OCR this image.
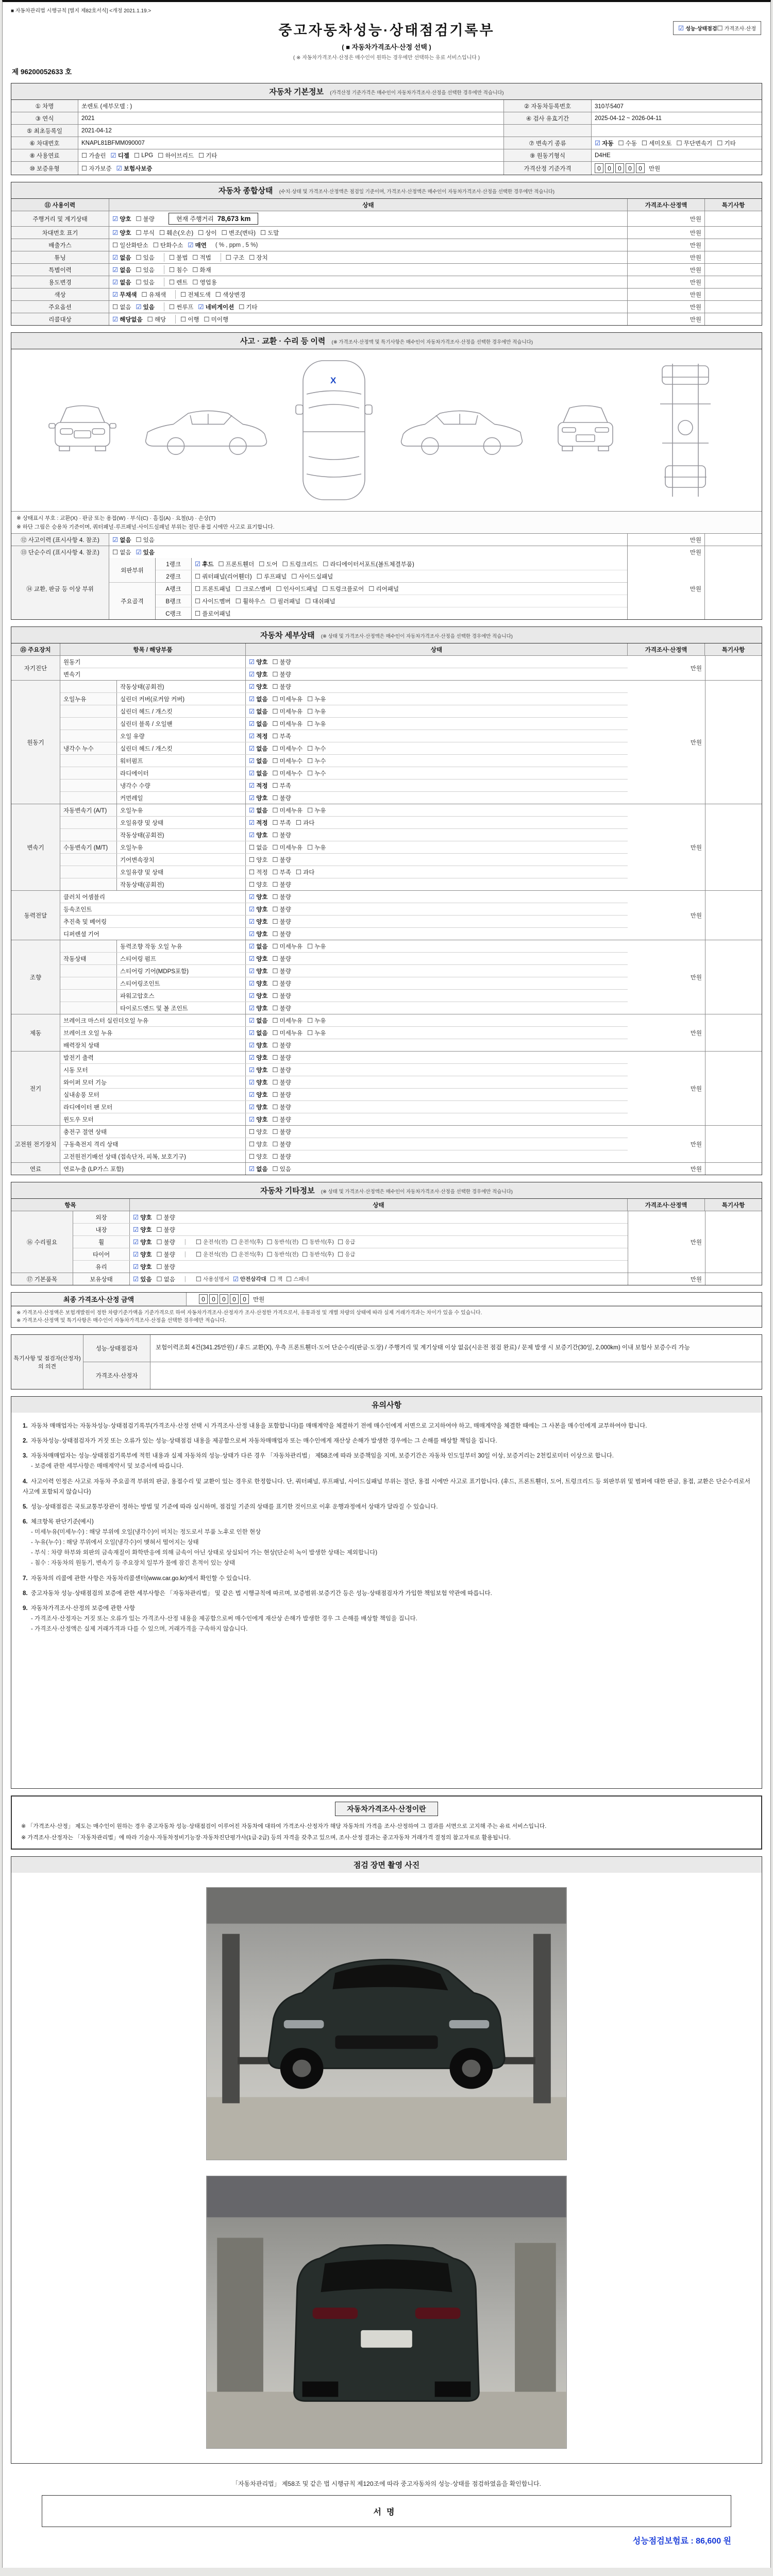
■ 자동차관리법 시행규칙 [별지 제82호서식] <개정 2021.1.19.>
중고자동차성능·상태점검기록부
( ■ 자동차가격조사·산정 선택 )
( ※ 자동차가격조사·산정은 매수인이 원하는 경우에만 선택하는 유료 서비스입니다 )
☑ 성능·상태점검 ☐ 가격조사·산정
제 96200052633 호
자동차 기본정보 (가격산정 기준가격은 매수인이 자동차가격조사·산정을 선택한 경우에만 적습니다)
① 차명	쏘렌토 (세부모델 : )	② 자동차등록번호	310부5407
③ 연식	2021	④ 검사 유효기간	2025-04-12 ~ 2026-04-11
⑤ 최초등록일	2021-04-12
⑥ 차대번호	KNAPL81BFMM090007	⑦ 변속기 종류	☑ 자동 ☐ 수동 ☐ 세미오토 ☐ 무단변속기 ☐ 기타
⑧ 사용연료	☐ 가솔린 ☑ 디젤 ☐ LPG ☐ 하이브리드 ☐ 기타	⑨ 원동기형식	D4HE
⑩ 보증유형	☐ 자가보증 ☑ 보험사보증	가격산정 기준가격	0 0 0 0 0	만원
자동차 종합상태 (수치·상태 및 가격조사·산정액은 점검일 기준이며, 가격조사·산정액은 매수인이 자동차가격조사·산정을 선택한 경우에만 적습니다)
⑪ 사용이력	상태	가격조사·산정액	특기사항
주행거리 및 계기상태	☑ 양호 ☐ 불량	현재 주행거리 78,673 km	만원
차대번호 표기	☑ 양호 ☐ 부식 ☐ 훼손(오손) ☐ 상이 ☐ 변조(변타) ☐ 도말	만원
배출가스	☐ 일산화탄소 ☐ 탄화수소 ☑ 매연 ( % , ppm , 5 %)	만원
튜닝	☑ 없음 ☐ 있음 ☐ 불법 ☐ 적법 ☐ 구조 ☐ 장치	만원
특별이력	☑ 없음 ☐ 있음 ☐ 침수 ☐ 화재	만원
용도변경	☑ 없음 ☐ 있음 ☐ 렌트 ☐ 영업용	만원
색상	☑ 무채색 ☐ 유채색 ☐ 전체도색 ☐ 색상변경	만원
주요옵션	☐ 없음 ☑ 있음 ☐ 썬루프 ☑ 네비게이션 ☐ 기타	만원
리콜대상	☑ 해당없음 ☐ 해당 ☐ 이행 ☐ 미이행	만원
사고 · 교환 · 수리 등 이력 (※ 가격조사·산정액 및 특기사항은 매수인이 자동차가격조사·산정을 선택한 경우에만 적습니다)
X
※ 상태표시 부호 : 교환(X) · 판금 또는 용접(W) · 부식(C) · 흠집(A) · 요철(U) · 손상(T)
※ 하단 그림은 승용차 기준이며, 쿼터패널·루프패널·사이드실패널 부위는 절단·용접 시에만 사고로 표기합니다.
⑫ 사고이력 (표시사항 4. 참조)	☑ 없음 ☐ 있음	만원
⑬ 단순수리 (표시사항 4. 참조)	☐ 없음 ☑ 있음	만원
⑭ 교환, 판금 등 이상 부위
외판부위
1랭크	☑ 후드 ☐ 프론트휀더 ☐ 도어 ☐ 트렁크리드 ☐ 라디에이터서포트(볼트체결부품)
2랭크	☐ 쿼터패널(리어휀더) ☐ 루프패널 ☐ 사이드실패널
주요골격
A랭크	☐ 프론트패널 ☐ 크로스멤버 ☐ 인사이드패널 ☐ 트렁크플로어 ☐ 리어패널
B랭크	☐ 사이드멤버 ☐ 휠하우스 ☐ 필러패널 ☐ 대쉬패널
C랭크	☐ 플로어패널
만원
자동차 세부상태 (※ 상태 및 가격조사·산정액은 매수인이 자동차가격조사·산정을 선택한 경우에만 적습니다)
⑮ 주요장치	항목 / 해당부품	상태	가격조사·산정액	특기사항
자기진단
원동기	☑ 양호 ☐ 불량
변속기	☑ 양호 ☐ 불량
만원
원동기
작동상태(공회전)	☑ 양호 ☐ 불량
오일누유	실린더 커버(로커암 커버)	☑ 없음 ☐ 미세누유 ☐ 누유
실린더 헤드 / 개스킷	☑ 없음 ☐ 미세누유 ☐ 누유
실린더 블록 / 오일팬	☑ 없음 ☐ 미세누유 ☐ 누유
오일 유량	☑ 적정 ☐ 부족
냉각수 누수	실린더 헤드 / 개스킷	☑ 없음 ☐ 미세누수 ☐ 누수
워터펌프	☑ 없음 ☐ 미세누수 ☐ 누수
라디에이터	☑ 없음 ☐ 미세누수 ☐ 누수
냉각수 수량	☑ 적정 ☐ 부족
커먼레일	☑ 양호 ☐ 불량
만원
변속기
자동변속기 (A/T)	오일누유	☑ 없음 ☐ 미세누유 ☐ 누유
오일유량 및 상태	☑ 적정 ☐ 부족 ☐ 과다
작동상태(공회전)	☑ 양호 ☐ 불량
수동변속기 (M/T)	오일누유	☐ 없음 ☐ 미세누유 ☐ 누유
기어변속장치	☐ 양호 ☐ 불량
오일유량 및 상태	☐ 적정 ☐ 부족 ☐ 과다
작동상태(공회전)	☐ 양호 ☐ 불량
만원
동력전달
클러치 어셈블리	☑ 양호 ☐ 불량
등속조인트	☑ 양호 ☐ 불량
추진축 및 베어링	☑ 양호 ☐ 불량
디퍼렌셜 기어	☑ 양호 ☐ 불량
만원
조향
동력조향 작동 오일 누유	☑ 없음 ☐ 미세누유 ☐ 누유
작동상태	스티어링 펌프	☑ 양호 ☐ 불량
스티어링 기어(MDPS포함)	☑ 양호 ☐ 불량
스티어링조인트	☑ 양호 ☐ 불량
파워고압호스	☑ 양호 ☐ 불량
타이로드엔드 및 볼 조인트	☑ 양호 ☐ 불량
만원
제동
브레이크 마스터 실린더오일 누유	☑ 없음 ☐ 미세누유 ☐ 누유
브레이크 오일 누유	☑ 없음 ☐ 미세누유 ☐ 누유
배력장치 상태	☑ 양호 ☐ 불량
만원
전기
발전기 출력	☑ 양호 ☐ 불량
시동 모터	☑ 양호 ☐ 불량
와이퍼 모터 기능	☑ 양호 ☐ 불량
실내송풍 모터	☑ 양호 ☐ 불량
라디에이터 팬 모터	☑ 양호 ☐ 불량
윈도우 모터	☑ 양호 ☐ 불량
만원
고전원 전기장치
충전구 절연 상태	☐ 양호 ☐ 불량
구동축전지 격리 상태	☐ 양호 ☐ 불량
고전원전기배선 상태 (접속단자, 피복, 보호기구)	☐ 양호 ☐ 불량
만원
연료	연료누출 (LP가스 포함)	☑ 없음 ☐ 있음	만원
자동차 기타정보 (※ 상태 및 가격조사·산정액은 매수인이 자동차가격조사·산정을 선택한 경우에만 적습니다)
항목	상태	가격조사·산정액	특기사항
⑯ 수리필요
외장	☑ 양호 ☐ 불량
내장	☑ 양호 ☐ 불량
휠	☑ 양호 ☐ 불량 | ☐ 운전석(전) ☐ 운전석(후) ☐ 동반석(전) ☐ 동반석(후) ☐ 응급
타이어	☑ 양호 ☐ 불량 | ☐ 운전석(전) ☐ 운전석(후) ☐ 동반석(전) ☐ 동반석(후) ☐ 응급
유리	☑ 양호 ☐ 불량
만원
⑰ 기본품목	보유상태	☑ 있음 ☐ 없음 | ☐ 사용설명서 ☑ 안전삼각대 ☐ 잭 ☐ 스패너	만원
최종 가격조사·산정 금액	0 0 0 0 0	만원
※ 가격조사·산정액은 보험개발원이 정한 차량기준가액을 기준가격으로 하여 자동차가격조사·산정자가 조사·산정한 가격으로서, 유통과정 및 개별 차량의 상태에 따라 실제 거래가격과는 차이가 있을 수 있습니다.
※ 가격조사·산정액 및 특기사항은 매수인이 자동차가격조사·산정을 선택한 경우에만 적습니다.
특기사항 및 점검자(산정자)의 의견
성능·상태점검자	보험이력조회 4건(341.25만원) / 후드 교환(X), 우측 프론트휀더·도어 단순수리(판금·도장) / 주행거리 및 계기상태 이상 없음(시운전 점검 완료) / 문제 발생 시 보증기간(30일, 2,000km) 이내 보험사 보증수리 가능
가격조사·산정자
유의사항
1. 자동차 매매업자는 자동차성능·상태점검기록부(가격조사·산정 선택 시 가격조사·산정 내용을 포함합니다)를 매매계약을 체결하기 전에 매수인에게 서면으로 고지하여야 하고, 매매계약을 체결한 때에는 그 사본을 매수인에게 교부하여야 합니다.
2. 자동차성능·상태점검자가 거짓 또는 오류가 있는 성능·상태점검 내용을 제공함으로써 자동차매매업자 또는 매수인에게 재산상 손해가 발생한 경우에는 그 손해를 배상할 책임을 집니다.
3. 자동차매매업자는 성능·상태점검기록부에 적힌 내용과 실제 자동차의 성능·상태가 다른 경우 「자동차관리법」 제58조에 따라 보증책임을 지며, 보증기간은 자동차 인도일부터 30일 이상, 보증거리는 2천킬로미터 이상으로 합니다.
- 보증에 관한 세부사항은 매매계약서 및 보증서에 따릅니다.
4. 사고이력 인정은 사고로 자동차 주요골격 부위의 판금, 용접수리 및 교환이 있는 경우로 한정합니다. 단, 쿼터패널, 루프패널, 사이드실패널 부위는 절단, 용접 시에만 사고로 표기합니다. (후드, 프론트휀더, 도어, 트렁크리드 등 외판부위 및 범퍼에 대한 판금, 용접, 교환은 단순수리로서 사고에 포함되지 않습니다)
5. 성능·상태점검은 국토교통부장관이 정하는 방법 및 기준에 따라 실시하며, 점검일 기준의 상태를 표기한 것이므로 이후 운행과정에서 상태가 달라질 수 있습니다.
6. 체크항목 판단기준(예시)
- 미세누유(미세누수) : 해당 부위에 오일(냉각수)이 비치는 정도로서 부품 노후로 인한 현상
- 누유(누수) : 해당 부위에서 오일(냉각수)이 맺혀서 떨어지는 상태
- 부식 : 차량 하부와 외판의 금속재질이 화학반응에 의해 금속이 아닌 상태로 상실되어 가는 현상(단순히 녹이 발생한 상태는 제외합니다)
- 침수 : 자동차의 원동기, 변속기 등 주요장치 일부가 물에 잠긴 흔적이 있는 상태
7. 자동차의 리콜에 관한 사항은 자동차리콜센터(www.car.go.kr)에서 확인할 수 있습니다.
8. 중고자동차 성능·상태점검의 보증에 관한 세부사항은 「자동차관리법」 및 같은 법 시행규칙에 따르며, 보증범위·보증기간 등은 성능·상태점검자가 가입한 책임보험 약관에 따릅니다.
9. 자동차가격조사·산정의 보증에 관한 사항
- 가격조사·산정자는 거짓 또는 오류가 있는 가격조사·산정 내용을 제공함으로써 매수인에게 재산상 손해가 발생한 경우 그 손해를 배상할 책임을 집니다.
- 가격조사·산정액은 실제 거래가격과 다를 수 있으며, 거래가격을 구속하지 않습니다.
자동차가격조사·산정이란
※ 「가격조사·산정」 제도는 매수인이 원하는 경우 중고자동차 성능·상태점검이 이루어진 자동차에 대하여 가격조사·산정자가 해당 자동차의 가격을 조사·산정하여 그 결과를 서면으로 고지해 주는 유료 서비스입니다.
※ 가격조사·산정자는 「자동차관리법」에 따라 기술사·자동차정비기능장·자동차진단평가사(1급·2급) 등의 자격을 갖추고 있으며, 조사·산정 결과는 중고자동차 거래가격 결정의 참고자료로 활용됩니다.
점검 장면 촬영 사진
「자동차관리법」 제58조 및 같은 법 시행규칙 제120조에 따라 중고자동차의 성능·상태를 점검하였음을 확인합니다.
서명
성능점검보험료 : 86,600 원
